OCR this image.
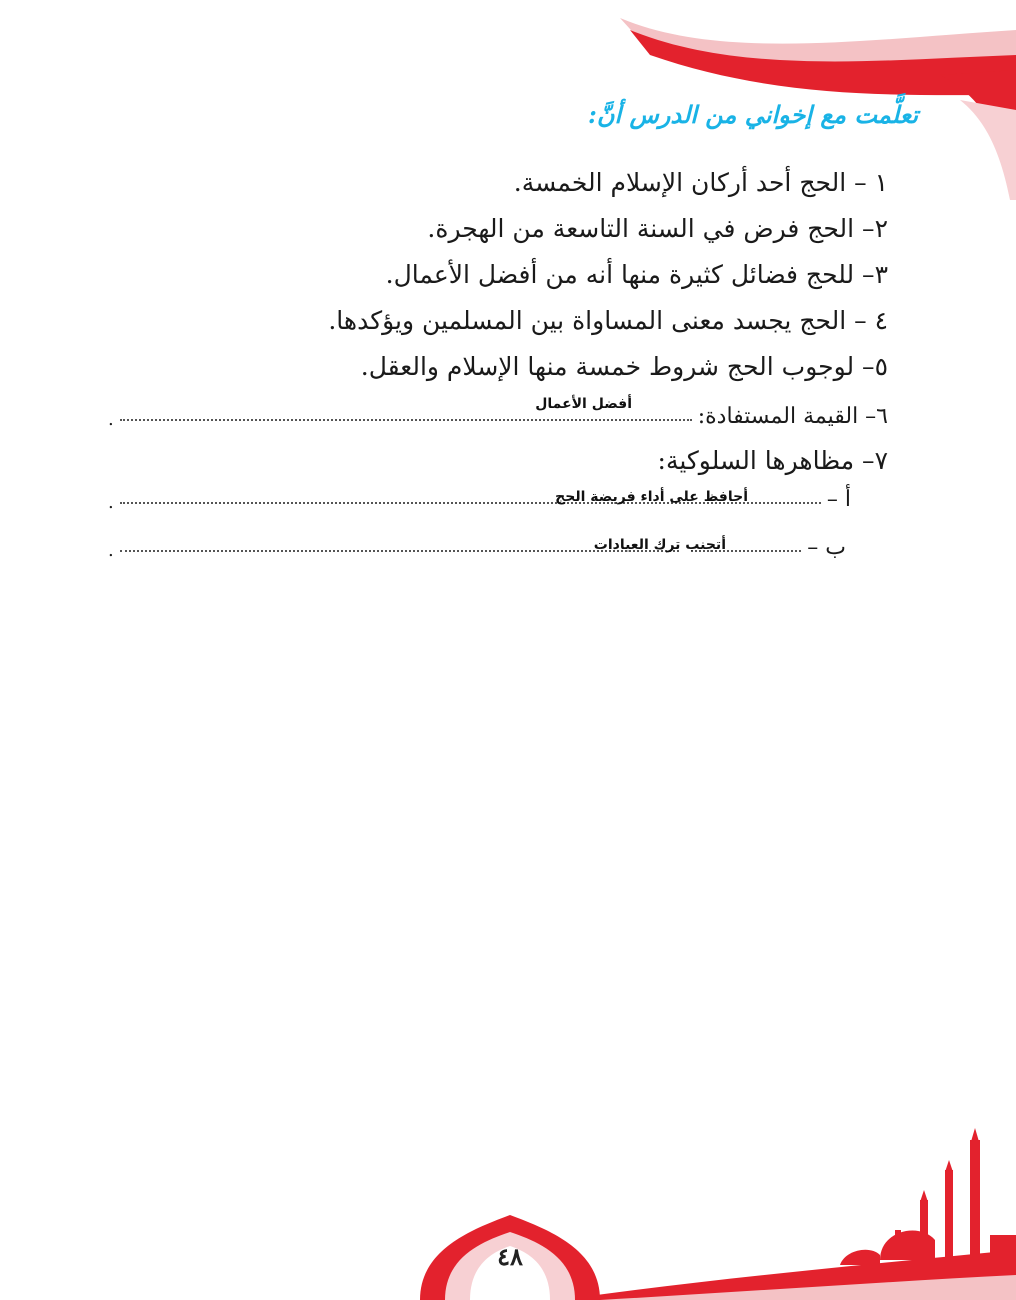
تعلَّمت مع إخواني من الدرس أنَّ:
١ – الحج أحد أركان الإسلام الخمسة.
٢– الحج فرض في السنة التاسعة من الهجرة.
٣– للحج فضائل كثيرة منها أنه من أفضل الأعمال.
٤ – الحج يجسد معنى المساواة بين المسلمين ويؤكدها.
٥– لوجوب الحج شروط خمسة منها الإسلام والعقل.
٦– القيمة المستفادة:
.
أفضل الأعمال
٧– مظاهرها السلوكية:
أ –
.	أحافظ على أداء فريضة الحج
ب –
.	أتجنب ترك العبادات
٤٨
